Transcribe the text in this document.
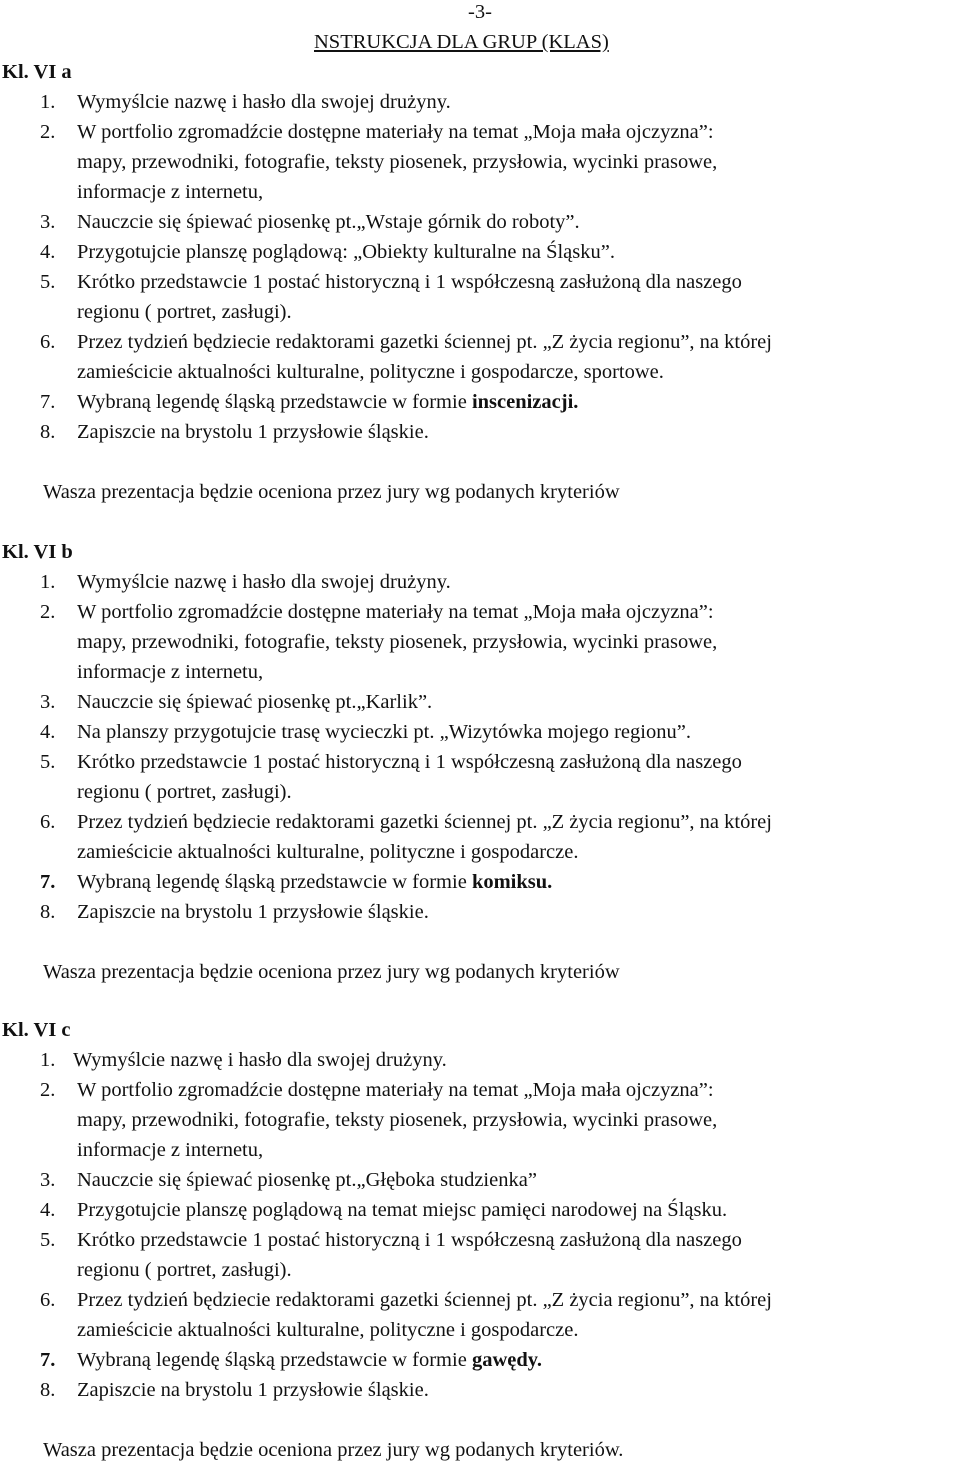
-3-
NSTRUKCJA DLA GRUP (KLAS)
Kl. VI a
1. Wymyślcie nazwę i hasło dla swojej drużyny.
2. W portfolio zgromadźcie dostępne materiały na temat „Moja mała ojczyzna”:
mapy, przewodniki, fotografie, teksty piosenek, przysłowia, wycinki prasowe,
informacje z internetu,
3. Nauczcie się śpiewać piosenkę pt.„Wstaje górnik do roboty”.
4. Przygotujcie planszę poglądową: „Obiekty kulturalne na Śląsku”.
5. Krótko przedstawcie 1 postać historyczną i 1 współczesną zasłużoną dla naszego
regionu ( portret, zasługi).
6. Przez tydzień będziecie redaktorami gazetki ściennej pt. „Z życia regionu”, na której
zamieścicie aktualności kulturalne, polityczne i gospodarcze, sportowe.
7. Wybraną legendę śląską przedstawcie w formie inscenizacji.
8. Zapiszcie na brystolu 1 przysłowie śląskie.
Wasza prezentacja będzie oceniona przez jury wg podanych kryteriów
Kl. VI b
1. Wymyślcie nazwę i hasło dla swojej drużyny.
2. W portfolio zgromadźcie dostępne materiały na temat „Moja mała ojczyzna”:
mapy, przewodniki, fotografie, teksty piosenek, przysłowia, wycinki prasowe,
informacje z internetu,
3. Nauczcie się śpiewać piosenkę pt.„Karlik”.
4. Na planszy przygotujcie trasę wycieczki pt. „Wizytówka mojego regionu”.
5. Krótko przedstawcie 1 postać historyczną i 1 współczesną zasłużoną dla naszego
regionu ( portret, zasługi).
6. Przez tydzień będziecie redaktorami gazetki ściennej pt. „Z życia regionu”, na której
zamieścicie aktualności kulturalne, polityczne i gospodarcze.
7. Wybraną legendę śląską przedstawcie w formie komiksu.
8. Zapiszcie na brystolu 1 przysłowie śląskie.
Wasza prezentacja będzie oceniona przez jury wg podanych kryteriów
Kl. VI c
1. Wymyślcie nazwę i hasło dla swojej drużyny.
2. W portfolio zgromadźcie dostępne materiały na temat „Moja mała ojczyzna”:
mapy, przewodniki, fotografie, teksty piosenek, przysłowia, wycinki prasowe,
informacje z internetu,
3. Nauczcie się śpiewać piosenkę pt.„Głęboka studzienka”
4. Przygotujcie planszę poglądową na temat miejsc pamięci narodowej na Śląsku.
5. Krótko przedstawcie 1 postać historyczną i 1 współczesną zasłużoną dla naszego
regionu ( portret, zasługi).
6. Przez tydzień będziecie redaktorami gazetki ściennej pt. „Z życia regionu”, na której
zamieścicie aktualności kulturalne, polityczne i gospodarcze.
7. Wybraną legendę śląską przedstawcie w formie gawędy.
8. Zapiszcie na brystolu 1 przysłowie śląskie.
Wasza prezentacja będzie oceniona przez jury wg podanych kryteriów.
